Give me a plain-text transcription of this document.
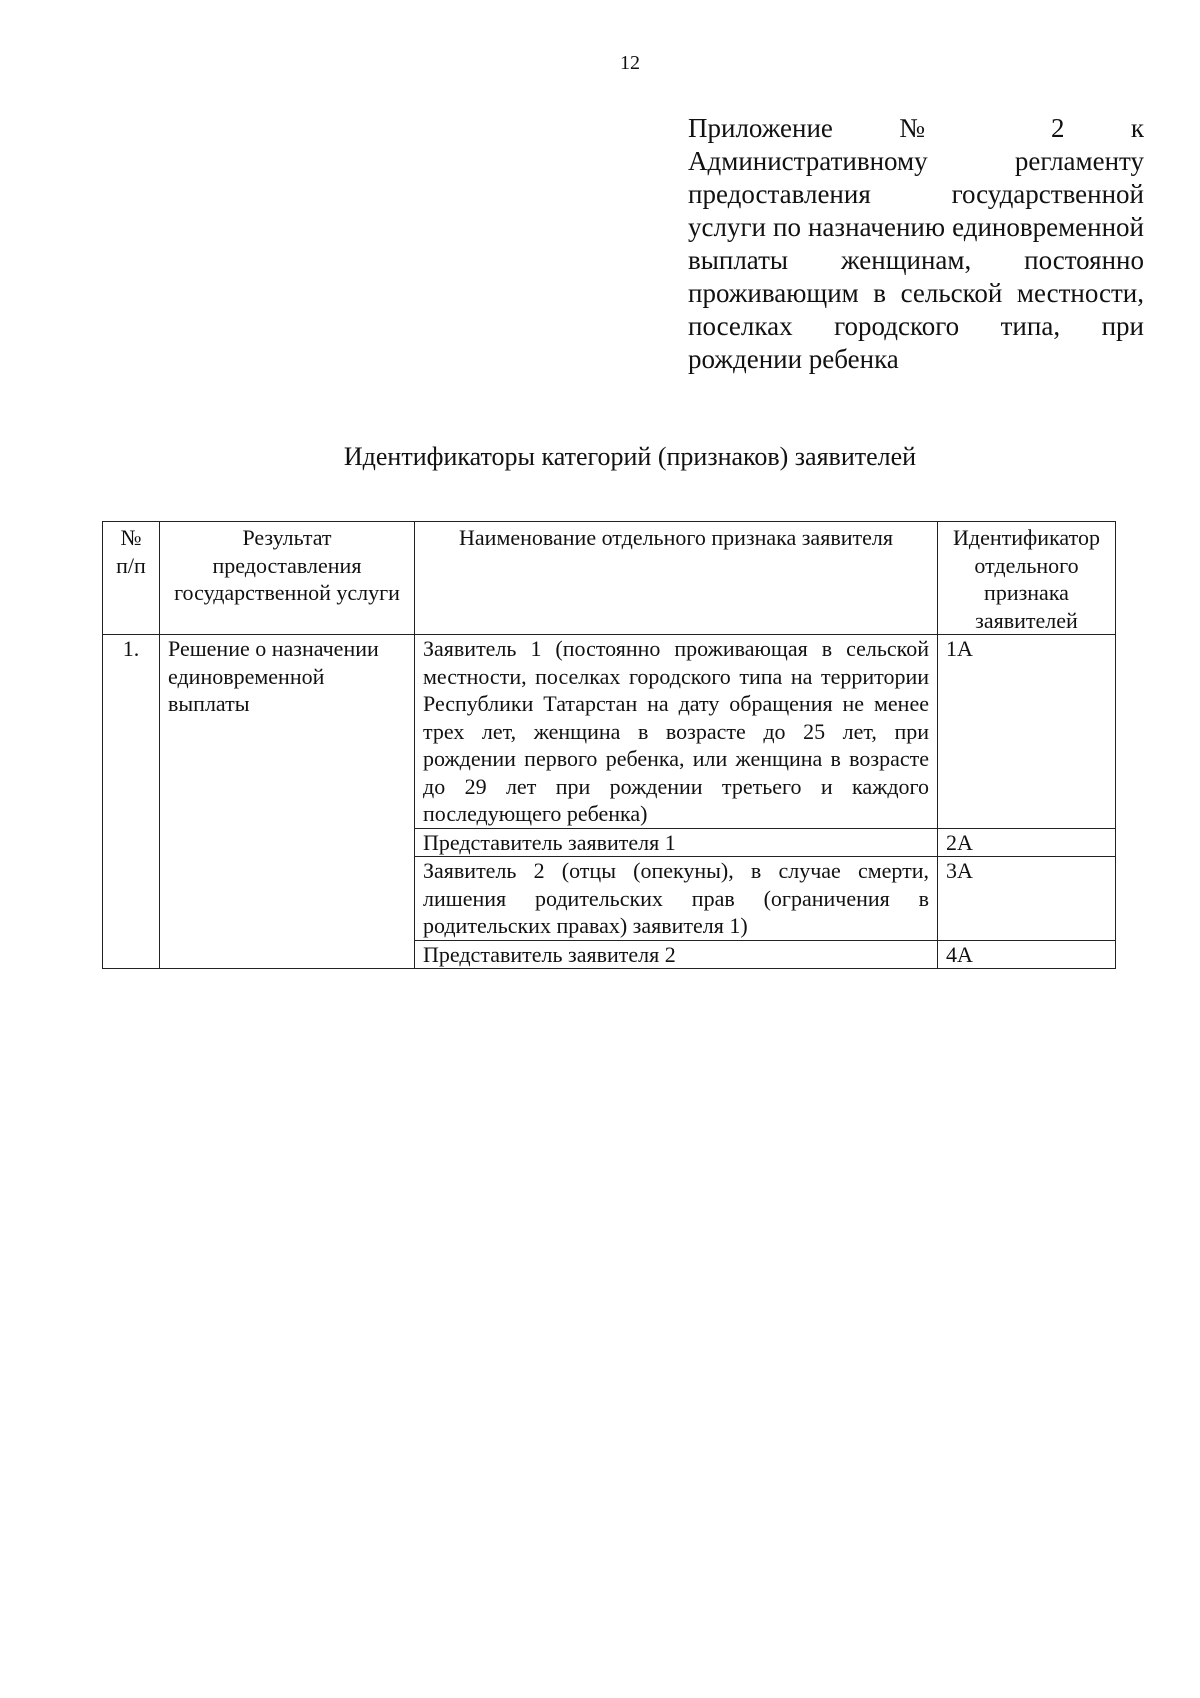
12
Приложение № 2 к Административному регламенту предоставления государственной услуги по назначению единовременной выплаты женщинам, постоянно проживающим в сельской местности, поселках городского типа, при рождении ребенка
Идентификаторы категорий (признаков) заявителей
№ п/п	Результат предоставления государственной услуги	Наименование отдельного признака заявителя	Идентификатор отдельного признака заявителей
1.	Решение о назначении единовременной выплаты	Заявитель 1 (постоянно проживающая в сельской местности, поселках городского типа на территории Республики Татарстан на дату обращения не менее трех лет, женщина в возрасте до 25 лет, при рождении первого ребенка, или женщина в возрасте до 29 лет при рождении третьего и каждого последующего ребенка)	1А
		Представитель заявителя 1	2А
		Заявитель 2 (отцы (опекуны), в случае смерти, лишения родительских прав (ограничения в родительских правах) заявителя 1)	3А
		Представитель заявителя 2	4А
